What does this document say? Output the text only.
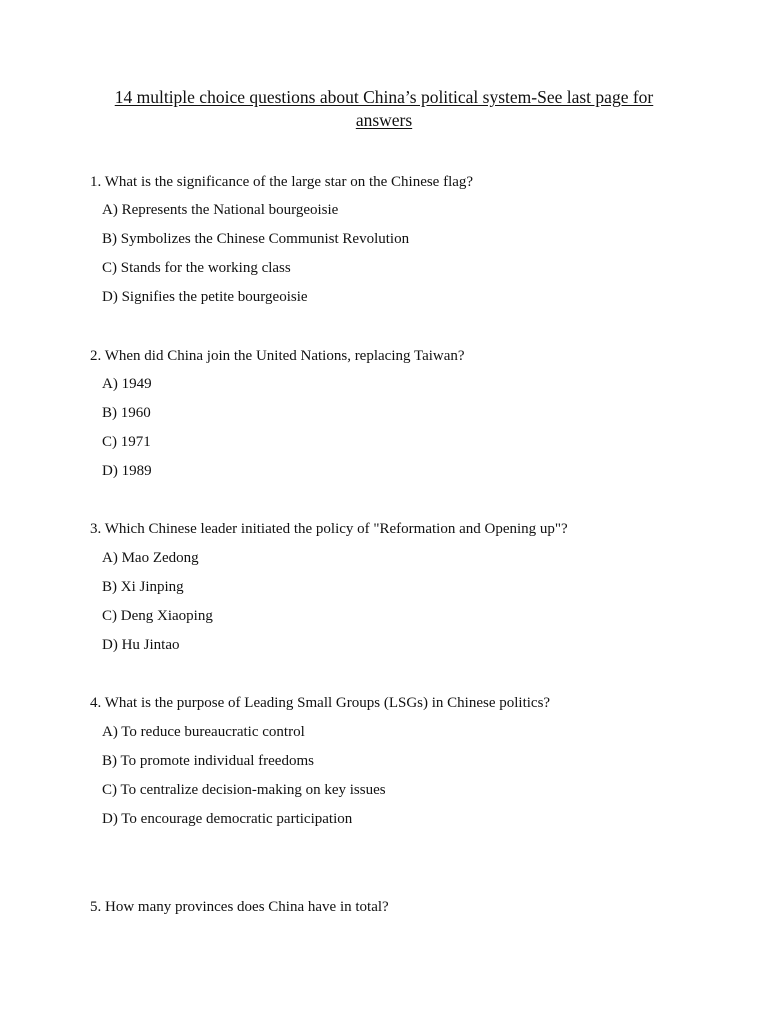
14 multiple choice questions about China’s political system-See last page for answers
1. What is the significance of the large star on the Chinese flag?
A) Represents the National bourgeoisie
B) Symbolizes the Chinese Communist Revolution
C) Stands for the working class
D) Signifies the petite bourgeoisie
2. When did China join the United Nations, replacing Taiwan?
A) 1949
B) 1960
C) 1971
D) 1989
3. Which Chinese leader initiated the policy of "Reformation and Opening up"?
A) Mao Zedong
B) Xi Jinping
C) Deng Xiaoping
D) Hu Jintao
4. What is the purpose of Leading Small Groups (LSGs) in Chinese politics?
A) To reduce bureaucratic control
B) To promote individual freedoms
C) To centralize decision-making on key issues
D) To encourage democratic participation
5. How many provinces does China have in total?
